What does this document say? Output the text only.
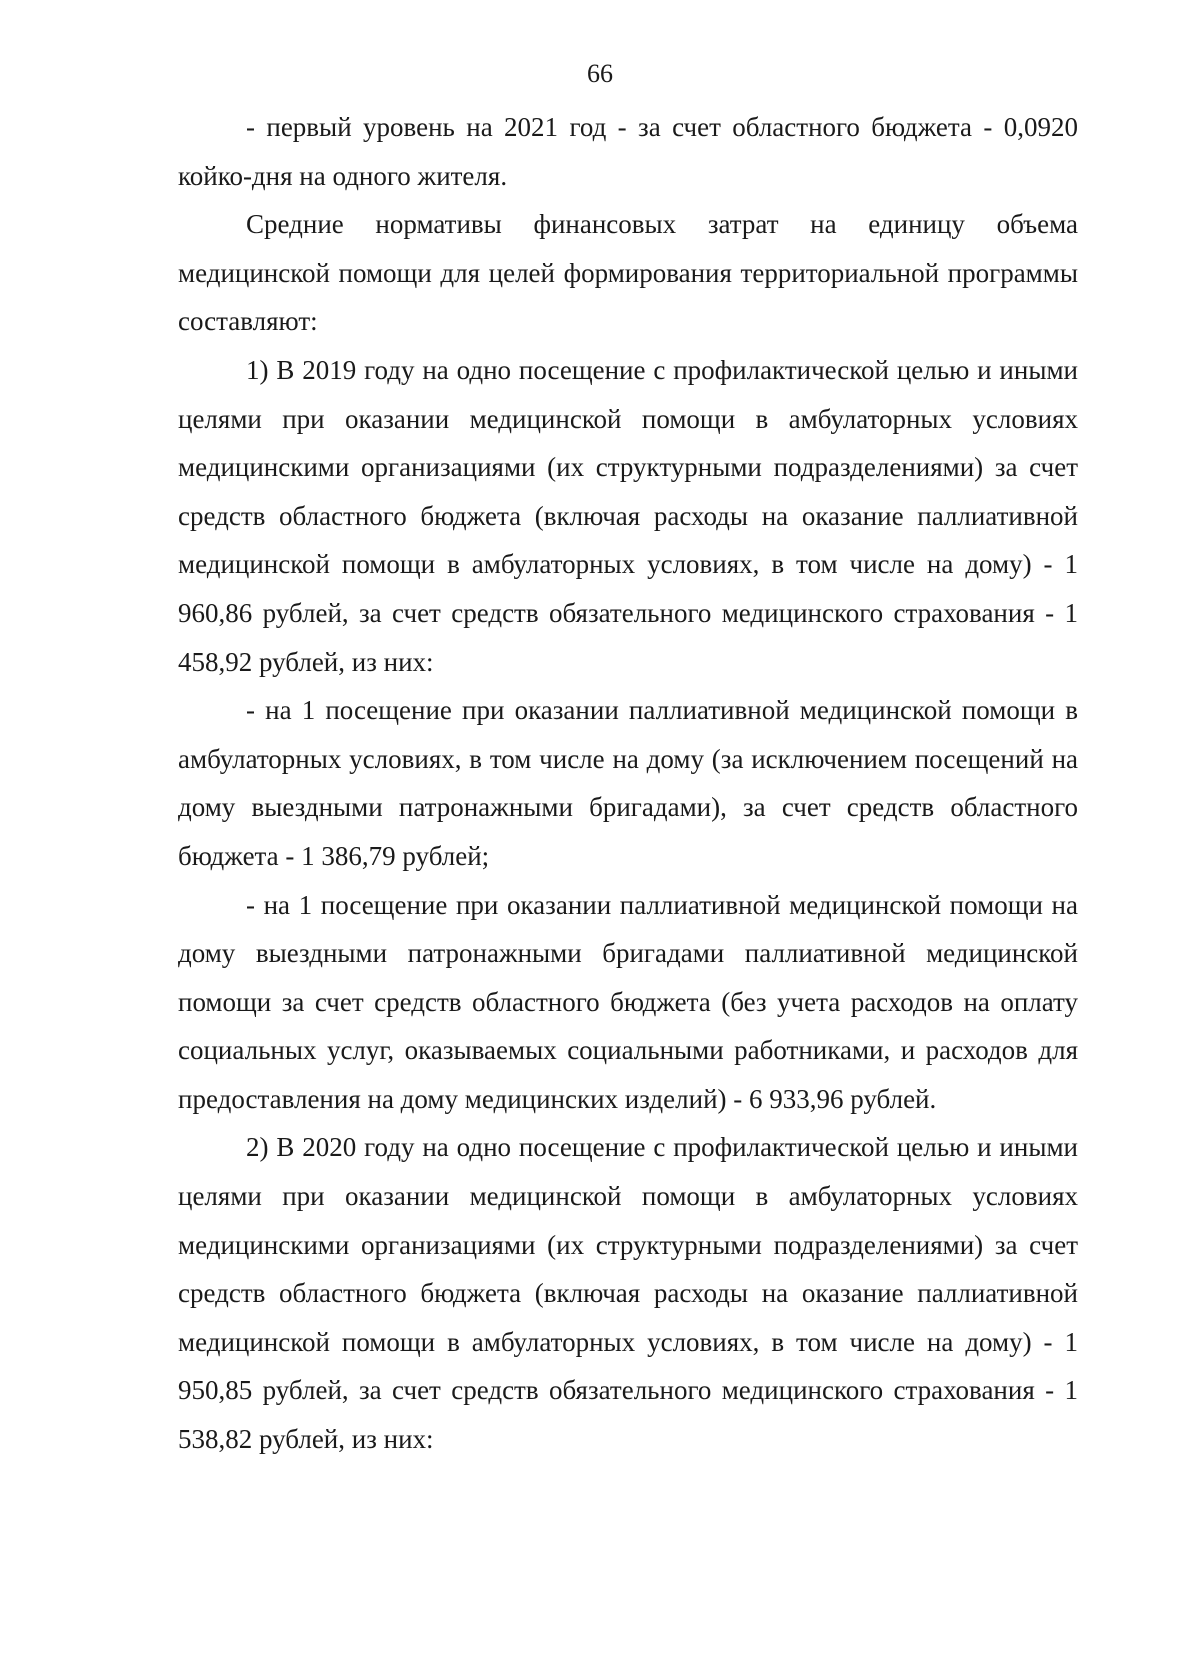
66

- первый уровень на 2021 год - за счет областного бюджета - 0,0920 койко-дня на одного жителя.

Средние нормативы финансовых затрат на единицу объема медицинской помощи для целей формирования территориальной программы составляют:

1) В 2019 году на одно посещение с профилактической целью и иными целями при оказании медицинской помощи в амбулаторных условиях медицинскими организациями (их структурными подразделениями) за счет средств областного бюджета (включая расходы на оказание паллиативной медицинской помощи в амбулаторных условиях, в том числе на дому) - 1 960,86 рублей, за счет средств обязательного медицинского страхования - 1 458,92 рублей, из них:

- на 1 посещение при оказании паллиативной медицинской помощи в амбулаторных условиях, в том числе на дому (за исключением посещений на дому выездными патронажными бригадами), за счет средств областного бюджета - 1 386,79 рублей;

- на 1 посещение при оказании паллиативной медицинской помощи на дому выездными патронажными бригадами паллиативной медицинской помощи за счет средств областного бюджета (без учета расходов на оплату социальных услуг, оказываемых социальными работниками, и расходов для предоставления на дому медицинских изделий) - 6 933,96 рублей.

2) В 2020 году на одно посещение с профилактической целью и иными целями при оказании медицинской помощи в амбулаторных условиях медицинскими организациями (их структурными подразделениями) за счет средств областного бюджета (включая расходы на оказание паллиативной медицинской помощи в амбулаторных условиях, в том числе на дому) - 1 950,85 рублей, за счет средств обязательного медицинского страхования - 1 538,82 рублей, из них:
